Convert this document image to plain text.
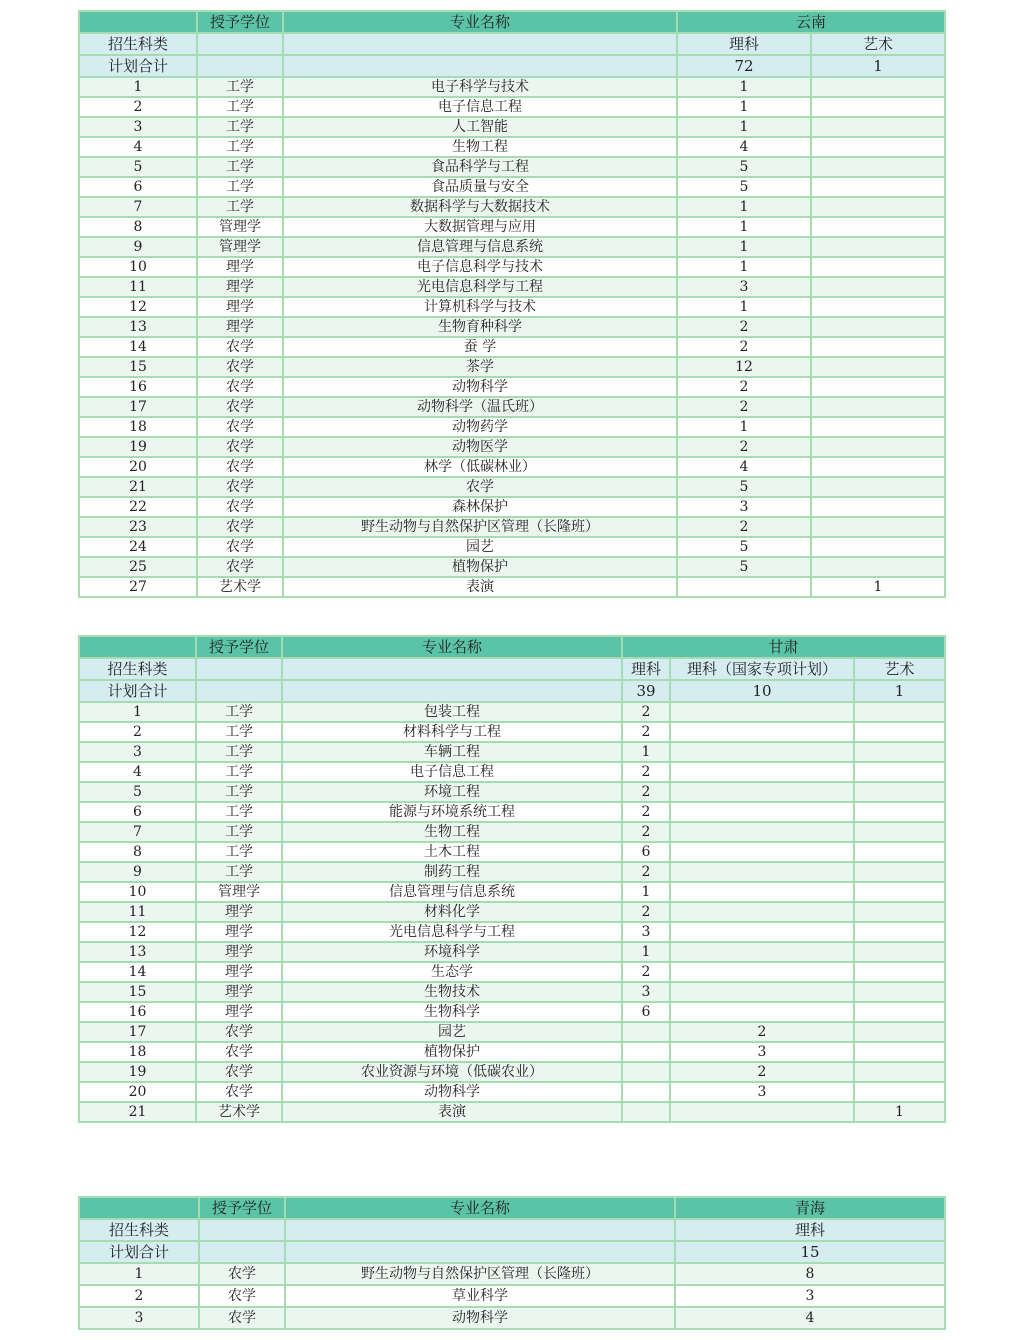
	授予学位	专业名称	云南	
招生科类			理科	艺术
计划合计			72	1
1	工学	电子科学与技术	1	
2	工学	电子信息工程	1	
3	工学	人工智能	1	
4	工学	生物工程	4	
5	工学	食品科学与工程	5	
6	工学	食品质量与安全	5	
7	工学	数据科学与大数据技术	1	
8	管理学	大数据管理与应用	1	
9	管理学	信息管理与信息系统	1	
10	理学	电子信息科学与技术	1	
11	理学	光电信息科学与工程	3	
12	理学	计算机科学与技术	1	
13	理学	生物育种科学	2	
14	农学	蚕 学	2	
15	农学	茶学	12	
16	农学	动物科学	2	
17	农学	动物科学（温氏班）	2	
18	农学	动物药学	1	
19	农学	动物医学	2	
20	农学	林学（低碳林业）	4	
21	农学	农学	5	
22	农学	森林保护	3	
23	农学	野生动物与自然保护区管理（长隆班）	2	
24	农学	园艺	5	
25	农学	植物保护	5	
27	艺术学	表演		1
	授予学位	专业名称	甘肃		
招生科类			理科	理科（国家专项计划）	艺术
计划合计			39	10	1
1	工学	包装工程	2		
2	工学	材料科学与工程	2		
3	工学	车辆工程	1		
4	工学	电子信息工程	2		
5	工学	环境工程	2		
6	工学	能源与环境系统工程	2		
7	工学	生物工程	2		
8	工学	土木工程	6		
9	工学	制药工程	2		
10	管理学	信息管理与信息系统	1		
11	理学	材料化学	2		
12	理学	光电信息科学与工程	3		
13	理学	环境科学	1		
14	理学	生态学	2		
15	理学	生物技术	3		
16	理学	生物科学	6		
17	农学	园艺		2	
18	农学	植物保护		3	
19	农学	农业资源与环境（低碳农业）		2	
20	农学	动物科学		3	
21	艺术学	表演			1
	授予学位	专业名称	青海
招生科类			理科
计划合计			15
1	农学	野生动物与自然保护区管理（长隆班）	8
2	农学	草业科学	3
3	农学	动物科学	4
